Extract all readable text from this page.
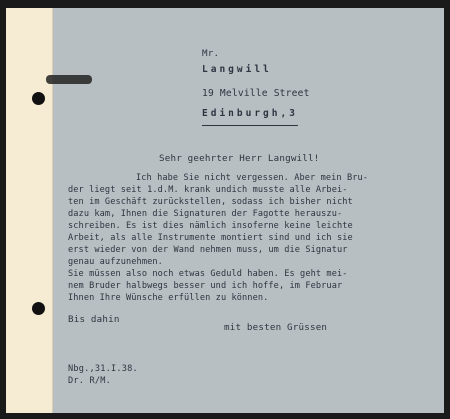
Mr.
Langwill
19 Melville Street
Edinburgh,3
Sehr geehrter Herr Langwill!
Ich habe Sie nicht vergessen. Aber mein Bru-
der liegt seit 1.d.M. krank undich musste alle Arbei-
ten im Geschäft zurückstellen, sodass ich bisher nicht
dazu kam, Ihnen die Signaturen der Fagotte herauszu-
schreiben. Es ist dies nämlich insoferne keine leichte
Arbeit, als alle Instrumente montiert sind und ich sie
erst wieder von der Wand nehmen muss, um die Signatur
genau aufzunehmen.
Sie müssen also noch etwas Geduld haben. Es geht mei-
nem Bruder halbwegs besser und ich hoffe, im Februar
Ihnen Ihre Wünsche erfüllen zu können.
Bis dahin
mit besten Grüssen
Nbg.,31.I.38.
Dr. R/M.
